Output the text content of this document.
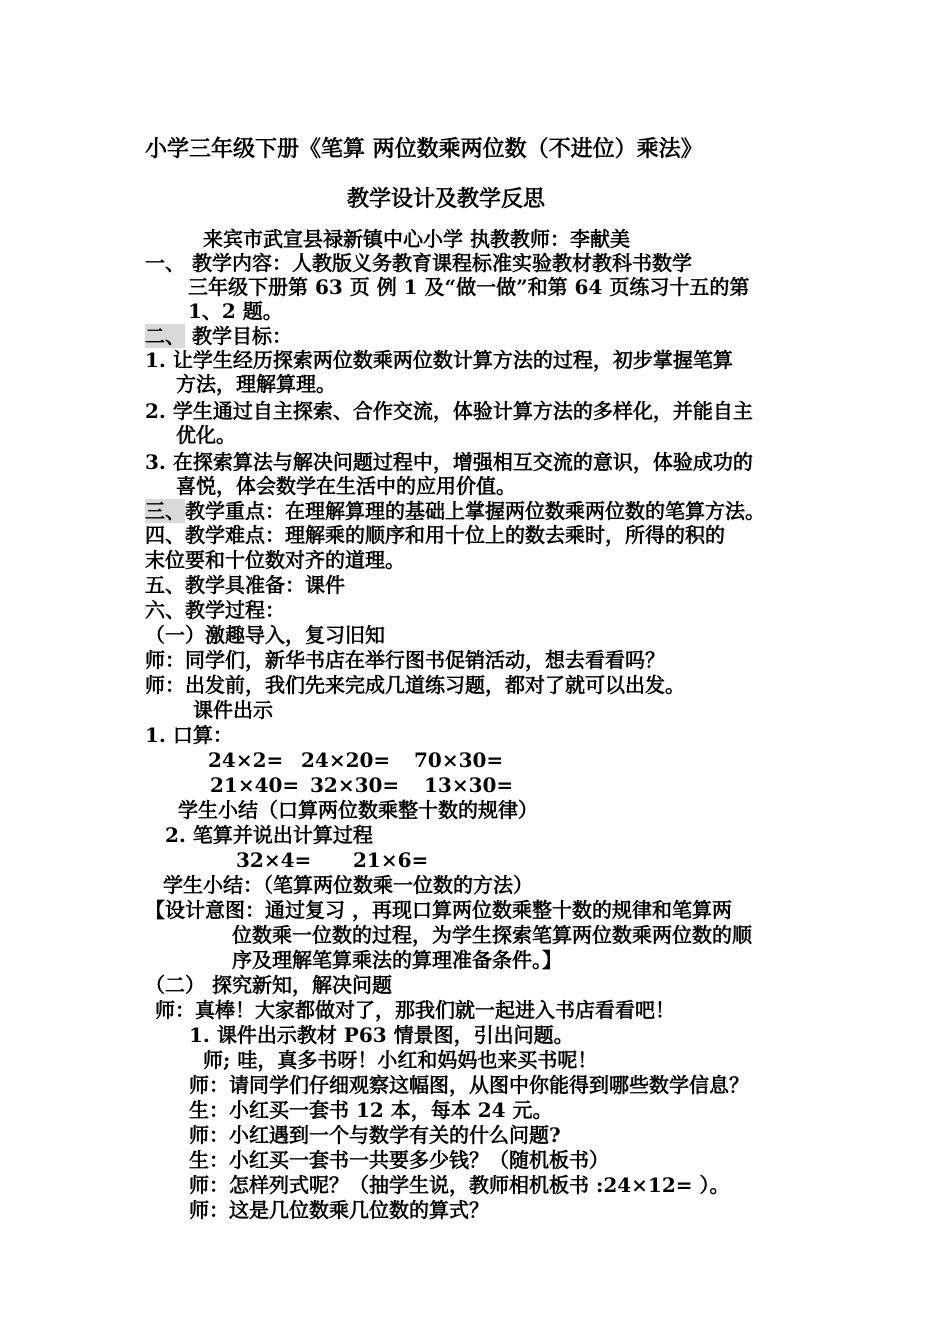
小学三年级下册《笔算 两位数乘两位数（不进位）乘法》
教学设计及教学反思
来宾市武宣县禄新镇中心小学 执教教师：李献美
一、 教学内容：人教版义务教育课程标准实验教材教科书数学
三年级下册第 63 页 例 1 及“做一做”和第 64 页练习十五的第
1、2 题。
二、 教学目标：
1. 让学生经历探索两位数乘两位数计算方法的过程，初步掌握笔算
方法，理解算理。
2. 学生通过自主探索、合作交流，体验计算方法的多样化，并能自主
优化。
3. 在探索算法与解决问题过程中，增强相互交流的意识，体验成功的
喜悦，体会数学在生活中的应用价值。
三、教学重点：在理解算理的基础上掌握两位数乘两位数的笔算方法。
四、教学难点：理解乘的顺序和用十位上的数去乘时，所得的积的
末位要和十位数对齐的道理。
五、教学具准备：课件
六、教学过程：
（一）激趣导入，复习旧知
师：同学们，新华书店在举行图书促销活动，想去看看吗？
师：出发前，我们先来完成几道练习题，都对了就可以出发。
课件出示
1. 口算：
24×2= 24×20= 70×30=
21×40= 32×30= 13×30=
学生小结（口算两位数乘整十数的规律）
2. 笔算并说出计算过程
32×4= 21×6=
学生小结：（笔算两位数乘一位数的方法）
【设计意图：通过复习 ，再现口算两位数乘整十数的规律和笔算两
位数乘一位数的过程，为学生探索笔算两位数乘两位数的顺
序及理解笔算乘法的算理准备条件。】
（二） 探究新知，解决问题
师：真棒！大家都做对了，那我们就一起进入书店看看吧！
1. 课件出示教材 P63 情景图，引出问题。
师; 哇，真多书呀！小红和妈妈也来买书呢！
师：请同学们仔细观察这幅图，从图中你能得到哪些数学信息？
生：小红买一套书 12 本，每本 24 元。
师：小红遇到一个与数学有关的什么问题?
生：小红买一套书一共要多少钱？（随机板书）
师：怎样列式呢？（抽学生说，教师相机板书 :24×12= ）。
师：这是几位数乘几位数的算式？
